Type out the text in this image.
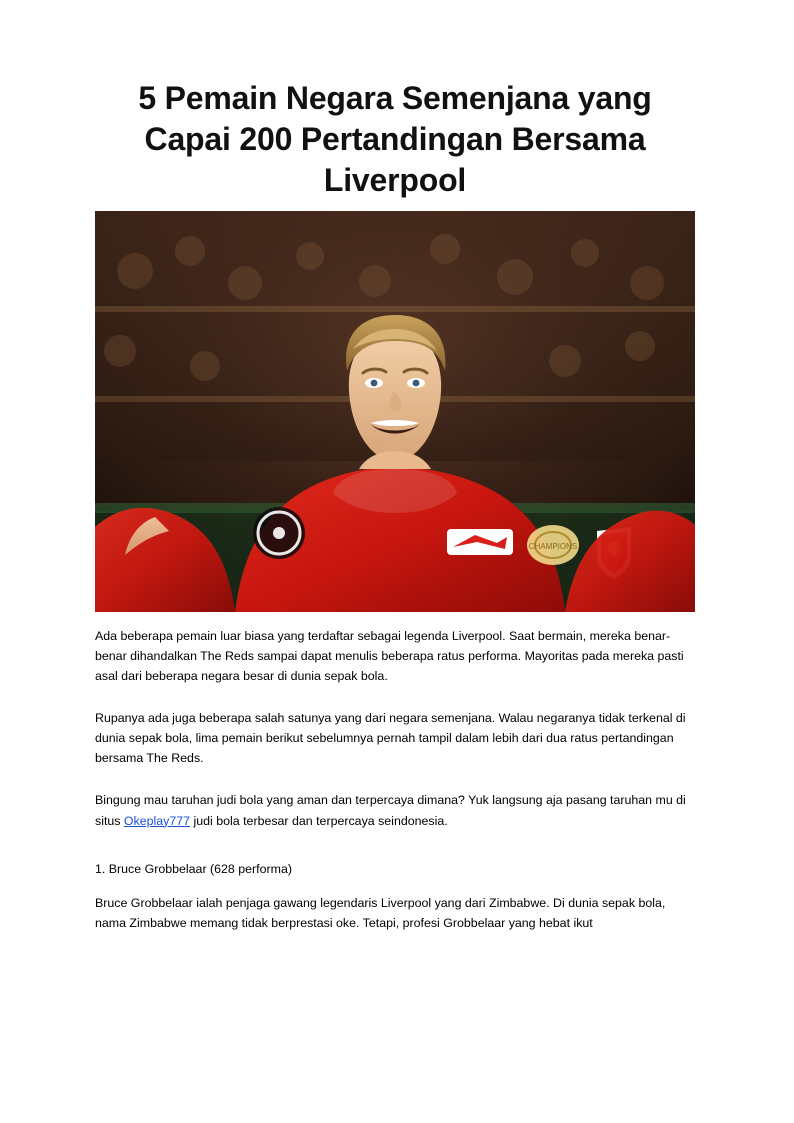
5 Pemain Negara Semenjana yang Capai 200 Pertandingan Bersama Liverpool
CHAMPIONS

Ada beberapa pemain luar biasa yang terdaftar sebagai legenda Liverpool. Saat bermain, mereka benar-benar dihandalkan The Reds sampai dapat menulis beberapa ratus performa. Mayoritas pada mereka pasti asal dari beberapa negara besar di dunia sepak bola.

Rupanya ada juga beberapa salah satunya yang dari negara semenjana. Walau negaranya tidak terkenal di dunia sepak bola, lima pemain berikut sebelumnya pernah tampil dalam lebih dari dua ratus pertandingan bersama The Reds.

Bingung mau taruhan judi bola yang aman dan terpercaya dimana? Yuk langsung aja pasang taruhan mu di situs Okeplay777 judi bola terbesar dan terpercaya seindonesia.

1. Bruce Grobbelaar (628 performa)

Bruce Grobbelaar ialah penjaga gawang legendaris Liverpool yang dari Zimbabwe. Di dunia sepak bola, nama Zimbabwe memang tidak berprestasi oke. Tetapi, profesi Grobbelaar yang hebat ikut
